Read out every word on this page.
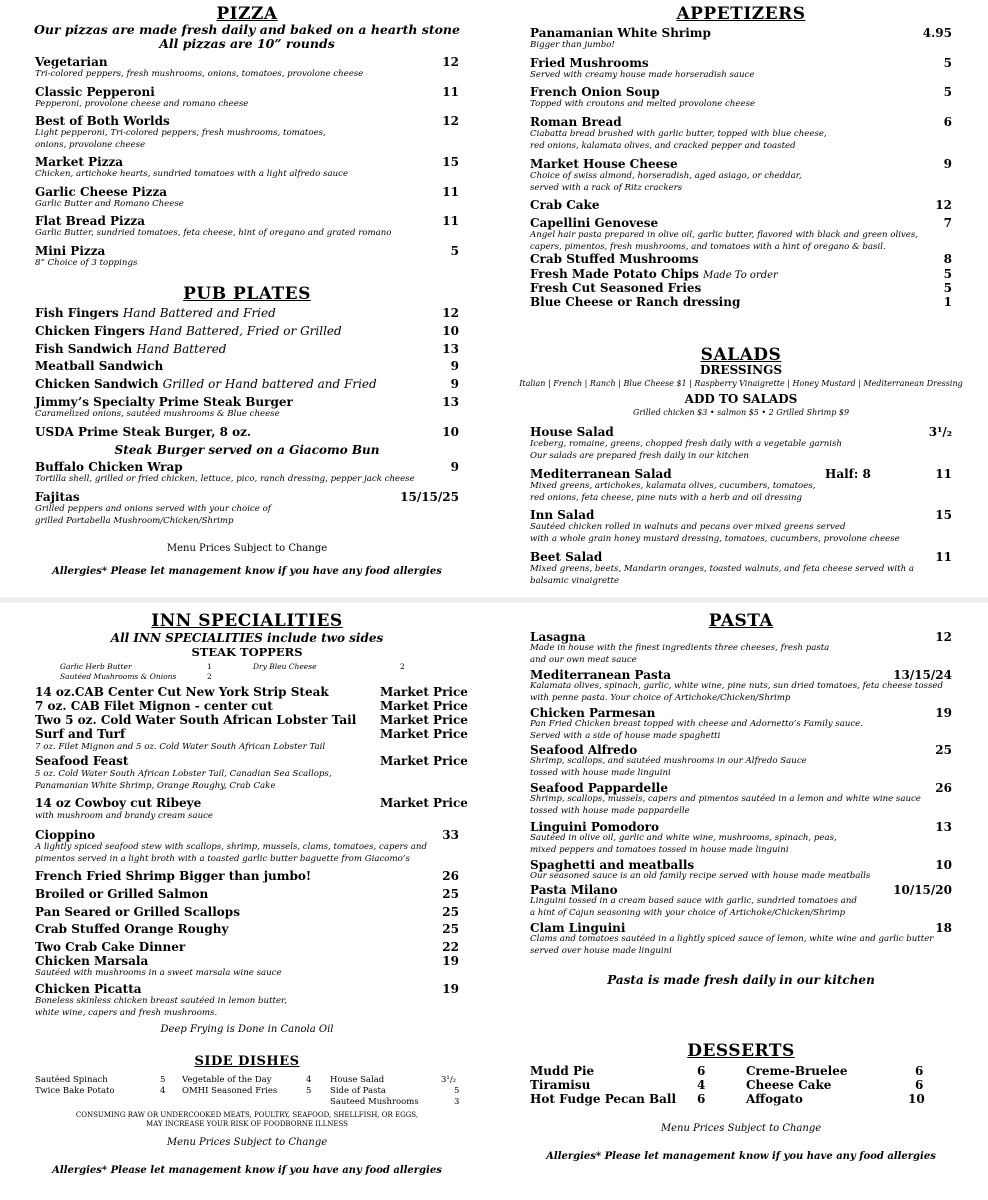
PIZZA
Our pizzas are made fresh daily and baked on a hearth stone
All pizzas are 10” rounds
Vegetarian	12
Tri-colored peppers, fresh mushrooms, onions, tomatoes, provolone cheese
Classic Pepperoni	11
Pepperoni, provolone cheese and romano cheese
Best of Both Worlds	12
Light pepperoni, Tri-colored peppers, fresh mushrooms, tomatoes,
onions, provolone cheese
Market Pizza	15
Chicken, artichoke hearts, sundried tomatoes with a light alfredo sauce
Garlic Cheese Pizza	11
Garlic Butter and Romano Cheese
Flat Bread Pizza	11
Garlic Butter, sundried tomatoes, feta cheese, hint of oregano and grated romano
Mini Pizza	5
8” Choice of 3 toppings
PUB PLATES
Fish Fingers Hand Battered and Fried	12
Chicken Fingers Hand Battered, Fried or Grilled	10
Fish Sandwich Hand Battered	13
Meatball Sandwich	9
Chicken Sandwich Grilled or Hand battered and Fried	9
Jimmy’s Specialty Prime Steak Burger	13
Caramelized onions, sautéed mushrooms & Blue cheese
USDA Prime Steak Burger, 8 oz.	10
Steak Burger served on a Giacomo Bun
Buffalo Chicken Wrap	9
Tortilla shell, grilled or fried chicken, lettuce, pico, ranch dressing, pepper jack cheese
Fajitas	15/15/25
Grilled peppers and onions served with your choice of
grilled Portabella Mushroom/Chicken/Shrimp
Menu Prices Subject to Change
Allergies* Please let management know if you have any food allergies
APPETIZERS
Panamanian White Shrimp	4.95
Bigger than jumbo!
Fried Mushrooms	5
Served with creamy house made horseradish sauce
French Onion Soup	5
Topped with croutons and melted provolone cheese
Roman Bread	6
Ciabatta bread brushed with garlic butter, topped with blue cheese,
red onions, kalamata olives, and cracked pepper and toasted
Market House Cheese	9
Choice of swiss almond, horseradish, aged asiago, or cheddar,
served with a rack of Ritz crackers
Crab Cake	12
Capellini Genovese	7
Angel hair pasta prepared in olive oil, garlic butter, flavored with black and green olives,
capers, pimentos, fresh mushrooms, and tomatoes with a hint of oregano & basil.
Crab Stuffed Mushrooms	8
Fresh Made Potato Chips Made To order	5
Fresh Cut Seasoned Fries	5
Blue Cheese or Ranch dressing	1
SALADS
DRESSINGS
Italian | French | Ranch | Blue Cheese $1 | Raspberry Vinaigrette | Honey Mustard | Mediterranean Dressing
ADD TO SALADS
Grilled chicken $3 • salmon $5 • 2 Grilled Shrimp $9
House Salad	3¹/₂
Iceberg, romaine, greens, chopped fresh daily with a vegetable garnish
Our salads are prepared fresh daily in our kitchen
Mediterranean Salad	Half: 8	11
Mixed greens, artichokes, kalamata olives, cucumbers, tomatoes,
red onions, feta cheese, pine nuts with a herb and oil dressing
Inn Salad	15
Sautéed chicken rolled in walnuts and pecans over mixed greens served
with a whole grain honey mustard dressing, tomatoes, cucumbers, provolone cheese
Beet Salad	11
Mixed greens, beets, Mandarin oranges, toasted walnuts, and feta cheese served with a
balsamic vinaigrette
INN SPECIALITIES
All INN SPECIALITIES include two sides
STEAK TOPPERS
Garlic Herb Butter	1
Sautéed Mushrooms & Onions	2
Dry Bleu Cheese	2
14 oz.CAB Center Cut New York Strip Steak	Market Price
7 oz. CAB Filet Mignon - center cut	Market Price
Two 5 oz. Cold Water South African Lobster Tail Market Price
Surf and Turf	Market Price
7 oz. Filet Mignon and 5 oz. Cold Water South African Lobster Tail
Seafood Feast	Market Price
5 oz. Cold Water South African Lobster Tail, Canadian Sea Scallops,
Panamanian White Shrimp, Orange Roughy, Crab Cake
14 oz Cowboy cut Ribeye	Market Price
with mushroom and brandy cream sauce
Cioppino	33
A lightly spiced seafood stew with scallops, shrimp, mussels, clams, tomatoes, capers and
pimentos served in a light broth with a toasted garlic butter baguette from Giacomo’s
French Fried Shrimp Bigger than jumbo!	26
Broiled or Grilled Salmon	25
Pan Seared or Grilled Scallops	25
Crab Stuffed Orange Roughy	25
Two Crab Cake Dinner	22
Chicken Marsala	19
Sautéed with mushrooms in a sweet marsala wine sauce
Chicken Picatta	19
Boneless skinless chicken breast sautéed in lemon butter,
white wine, capers and fresh mushrooms.
Deep Frying is Done in Canola Oil
SIDE DISHES
Sautéed Spinach	5
Twice Bake Potato	4
Vegetable of the Day	4
OMHI Seasoned Fries	5
House Salad	3¹/₂
Side of Pasta	5
Sauteed Mushrooms	3
CONSUMING RAW OR UNDERCOOKED MEATS, POULTRY, SEAFOOD, SHELLFISH, OR EGGS,
MAY INCREASE YOUR RISK OF FOODBORNE ILLNESS
Menu Prices Subject to Change
Allergies* Please let management know if you have any food allergies
PASTA
Lasagna	12
Made in house with the finest ingredients three cheeses, fresh pasta
and our own meat sauce
Mediterranean Pasta	13/15/24
Kalamata olives, spinach, garlic, white wine, pine nuts, sun dried tomatoes, feta cheese tossed
with penne pasta. Your choice of Artichoke/Chicken/Shrimp
Chicken Parmesan	19
Pan Fried Chicken breast topped with cheese and Adornetto’s Family sauce.
Served with a side of house made spaghetti
Seafood Alfredo	25
Shrimp, scallops, and sautéed mushrooms in our Alfredo Sauce
tossed with house made linguini
Seafood Pappardelle	26
Shrimp, scallops, mussels, capers and pimentos sautéed in a lemon and white wine sauce
tossed with house made pappardelle
Linguini Pomodoro	13
Sautéed in olive oil, garlic and white wine, mushrooms, spinach, peas,
mixed peppers and tomatoes tossed in house made linguini
Spaghetti and meatballs	10
Our seasoned sauce is an old family recipe served with house made meatballs
Pasta Milano	10/15/20
Linguini tossed in a cream based sauce with garlic, sundried tomatoes and
a hint of Cajun seasoning with your choice of Artichoke/Chicken/Shrimp
Clam Linguini	18
Clams and tomatoes sautéed in a lightly spiced sauce of lemon, white wine and garlic butter
served over house made linguini
Pasta is made fresh daily in our kitchen
DESSERTS
Mudd Pie	6
Tiramisu	4
Hot Fudge Pecan Ball 6
Creme-Bruelee	6
Cheese Cake	6
Affogato	10
Menu Prices Subject to Change
Allergies* Please let management know if you have any food allergies
